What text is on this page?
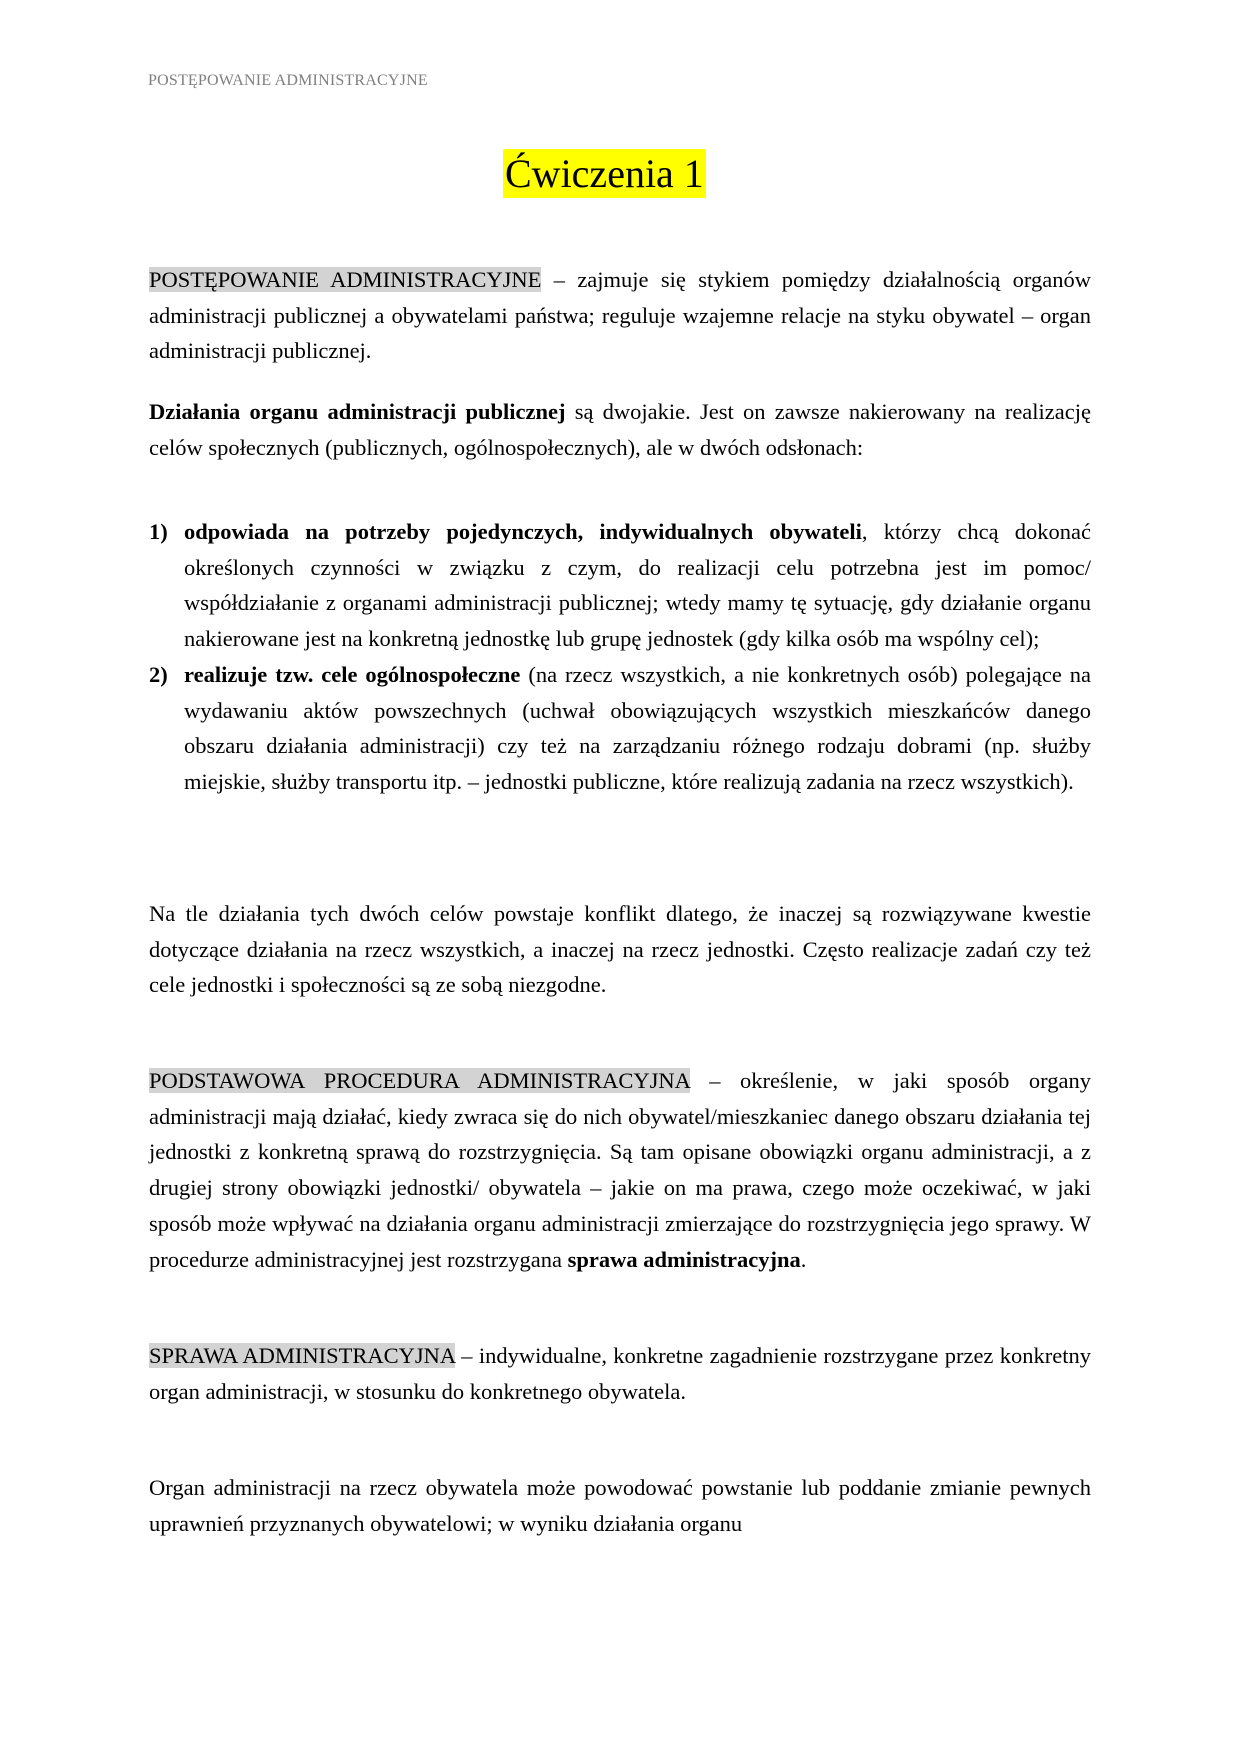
POSTĘPOWANIE ADMINISTRACYJNE
Ćwiczenia 1

POSTĘPOWANIE ADMINISTRACYJNE – zajmuje się stykiem pomiędzy działalnością organów administracji publicznej a obywatelami państwa; reguluje wzajemne relacje na styku obywatel – organ administracji publicznej.

Działania organu administracji publicznej są dwojakie. Jest on zawsze nakierowany na realizację celów społecznych (publicznych, ogólnospołecznych), ale w dwóch odsłonach:

1) odpowiada na potrzeby pojedynczych, indywidualnych obywateli, którzy chcą dokonać określonych czynności w związku z czym, do realizacji celu potrzebna jest im pomoc/ współdziałanie z organami administracji publicznej; wtedy mamy tę sytuację, gdy działanie organu nakierowane jest na konkretną jednostkę lub grupę jednostek (gdy kilka osób ma wspólny cel);
2) realizuje tzw. cele ogólnospołeczne (na rzecz wszystkich, a nie konkretnych osób) polegające na wydawaniu aktów powszechnych (uchwał obowiązujących wszystkich mieszkańców danego obszaru działania administracji) czy też na zarządzaniu różnego rodzaju dobrami (np. służby miejskie, służby transportu itp. – jednostki publiczne, które realizują zadania na rzecz wszystkich).

Na tle działania tych dwóch celów powstaje konflikt dlatego, że inaczej są rozwiązywane kwestie dotyczące działania na rzecz wszystkich, a inaczej na rzecz jednostki. Często realizacje zadań czy też cele jednostki i społeczności są ze sobą niezgodne.

PODSTAWOWA PROCEDURA ADMINISTRACYJNA – określenie, w jaki sposób organy administracji mają działać, kiedy zwraca się do nich obywatel/mieszkaniec danego obszaru działania tej jednostki z konkretną sprawą do rozstrzygnięcia. Są tam opisane obowiązki organu administracji, a z drugiej strony obowiązki jednostki/ obywatela – jakie on ma prawa, czego może oczekiwać, w jaki sposób może wpływać na działania organu administracji zmierzające do rozstrzygnięcia jego sprawy. W procedurze administracyjnej jest rozstrzygana sprawa administracyjna.

SPRAWA ADMINISTRACYJNA – indywidualne, konkretne zagadnienie rozstrzygane przez konkretny organ administracji, w stosunku do konkretnego obywatela.

Organ administracji na rzecz obywatela może powodować powstanie lub poddanie zmianie pewnych uprawnień przyznanych obywatelowi; w wyniku działania organu
